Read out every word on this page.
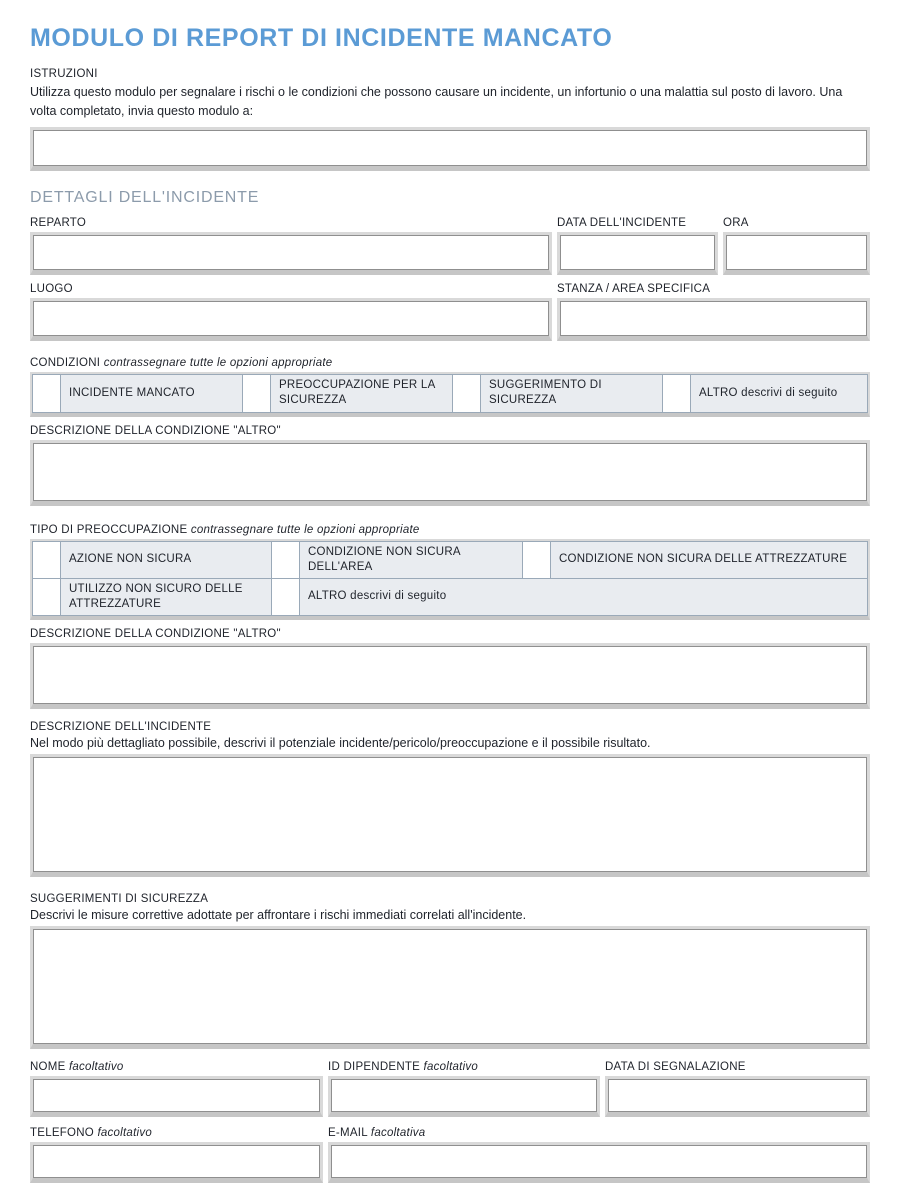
MODULO DI REPORT DI INCIDENTE MANCATO
ISTRUZIONI

Utilizza questo modulo per segnalare i rischi o le condizioni che possono causare un incidente, un infortunio o una malattia sul posto di lavoro. Una volta completato, invia questo modulo a:

DETTAGLI DELL'INCIDENTE
REPARTO	DATA DELL'INCIDENTE	ORA
LUOGO	STANZA / AREA SPECIFICA
CONDIZIONI contrassegnare tutte le opzioni appropriate
	INCIDENTE MANCATO		PREOCCUPAZIONE PER LA SICUREZZA		SUGGERIMENTO DI SICUREZZA		ALTRO descrivi di seguito
DESCRIZIONE DELLA CONDIZIONE "ALTRO"
TIPO DI PREOCCUPAZIONE contrassegnare tutte le opzioni appropriate
	AZIONE NON SICURA		CONDIZIONE NON SICURA DELL'AREA		CONDIZIONE NON SICURA DELLE ATTREZZATURE
	UTILIZZO NON SICURO DELLE ATTREZZATURE		ALTRO descrivi di seguito		
DESCRIZIONE DELLA CONDIZIONE "ALTRO"
DESCRIZIONE DELL'INCIDENTE
Nel modo più dettagliato possibile, descrivi il potenziale incidente/pericolo/preoccupazione e il possibile risultato.
SUGGERIMENTI DI SICUREZZA
Descrivi le misure correttive adottate per affrontare i rischi immediati correlati all'incidente.
NOME facoltativo	ID DIPENDENTE facoltativo	DATA DI SEGNALAZIONE
TELEFONO facoltativo	E-MAIL facoltativa
